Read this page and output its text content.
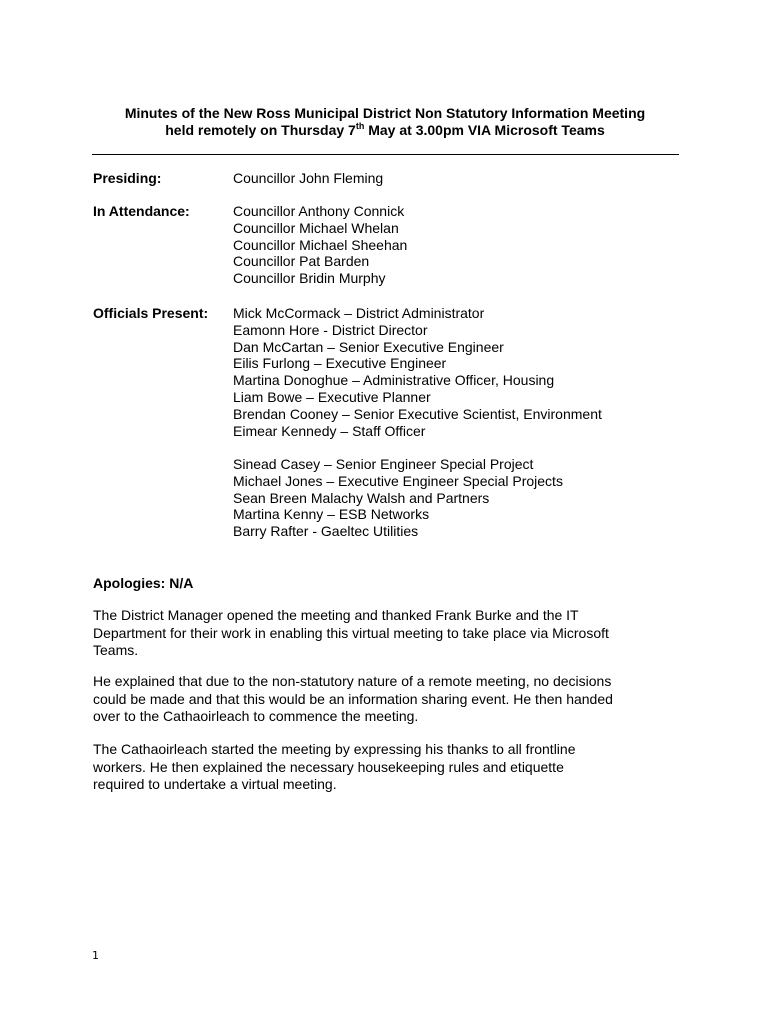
Minutes of the New Ross Municipal District Non Statutory Information Meeting
held remotely on Thursday 7th May at 3.00pm VIA Microsoft Teams
Presiding:	Councillor John Fleming
In Attendance:	Councillor Anthony Connick
Councillor Michael Whelan
Councillor Michael Sheehan
Councillor Pat Barden
Councillor Bridin Murphy
Officials Present: Mick McCormack – District Administrator
Eamonn Hore - District Director
Dan McCartan – Senior Executive Engineer
Eilis Furlong – Executive Engineer
Martina Donoghue – Administrative Officer, Housing
Liam Bowe – Executive Planner
Brendan Cooney – Senior Executive Scientist, Environment
Eimear Kennedy – Staff Officer
Sinead Casey – Senior Engineer Special Project
Michael Jones – Executive Engineer Special Projects
Sean Breen Malachy Walsh and Partners
Martina Kenny – ESB Networks
Barry Rafter - Gaeltec Utilities
Apologies: N/A
The District Manager opened the meeting and thanked Frank Burke and the IT
Department for their work in enabling this virtual meeting to take place via Microsoft
Teams.
He explained that due to the non-statutory nature of a remote meeting, no decisions
could be made and that this would be an information sharing event. He then handed
over to the Cathaoirleach to commence the meeting.
The Cathaoirleach started the meeting by expressing his thanks to all frontline
workers. He then explained the necessary housekeeping rules and etiquette
required to undertake a virtual meeting.
1
